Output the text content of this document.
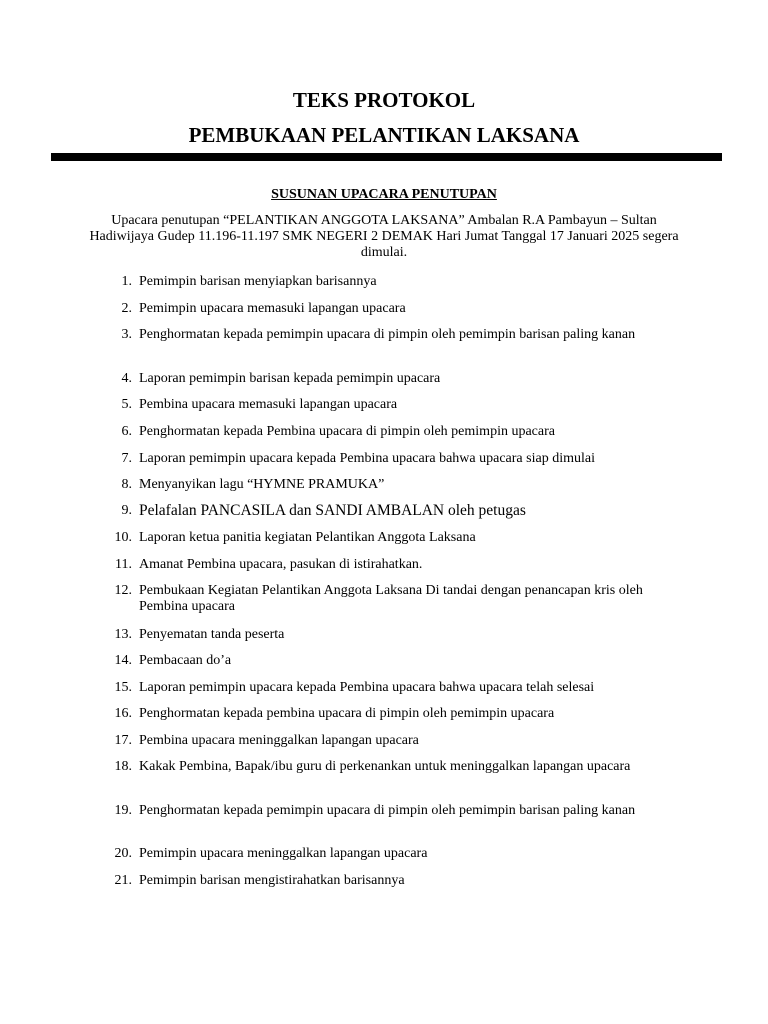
TEKS PROTOKOL
PEMBUKAAN PELANTIKAN LAKSANA
SUSUNAN UPACARA PENUTUPAN

Upacara penutupan “PELANTIKAN ANGGOTA LAKSANA” Ambalan R.A Pambayun – Sultan Hadiwijaya Gudep 11.196-11.197 SMK NEGERI 2 DEMAK Hari Jumat Tanggal 17 Januari 2025 segera dimulai.

1. Pemimpin barisan menyiapkan barisannya
2. Pemimpin upacara memasuki lapangan upacara
3. Penghormatan kepada pemimpin upacara di pimpin oleh pemimpin barisan paling kanan
4. Laporan pemimpin barisan kepada pemimpin upacara
5. Pembina upacara memasuki lapangan upacara
6. Penghormatan kepada Pembina upacara di pimpin oleh pemimpin upacara
7. Laporan pemimpin upacara kepada Pembina upacara bahwa upacara siap dimulai
8. Menyanyikan lagu “HYMNE PRAMUKA”
9. Pelafalan PANCASILA dan SANDI AMBALAN oleh petugas
10. Laporan ketua panitia kegiatan Pelantikan Anggota Laksana
11. Amanat Pembina upacara, pasukan di istirahatkan.
12. Pembukaan Kegiatan Pelantikan Anggota Laksana Di tandai dengan penancapan kris oleh Pembina upacara
13. Penyematan tanda peserta
14. Pembacaan do’a
15. Laporan pemimpin upacara kepada Pembina upacara bahwa upacara telah selesai
16. Penghormatan kepada pembina upacara di pimpin oleh pemimpin upacara
17. Pembina upacara meninggalkan lapangan upacara
18. Kakak Pembina, Bapak/ibu guru di perkenankan untuk meninggalkan lapangan upacara
19. Penghormatan kepada pemimpin upacara di pimpin oleh pemimpin barisan paling kanan
20. Pemimpin upacara meninggalkan lapangan upacara
21. Pemimpin barisan mengistirahatkan barisannya
